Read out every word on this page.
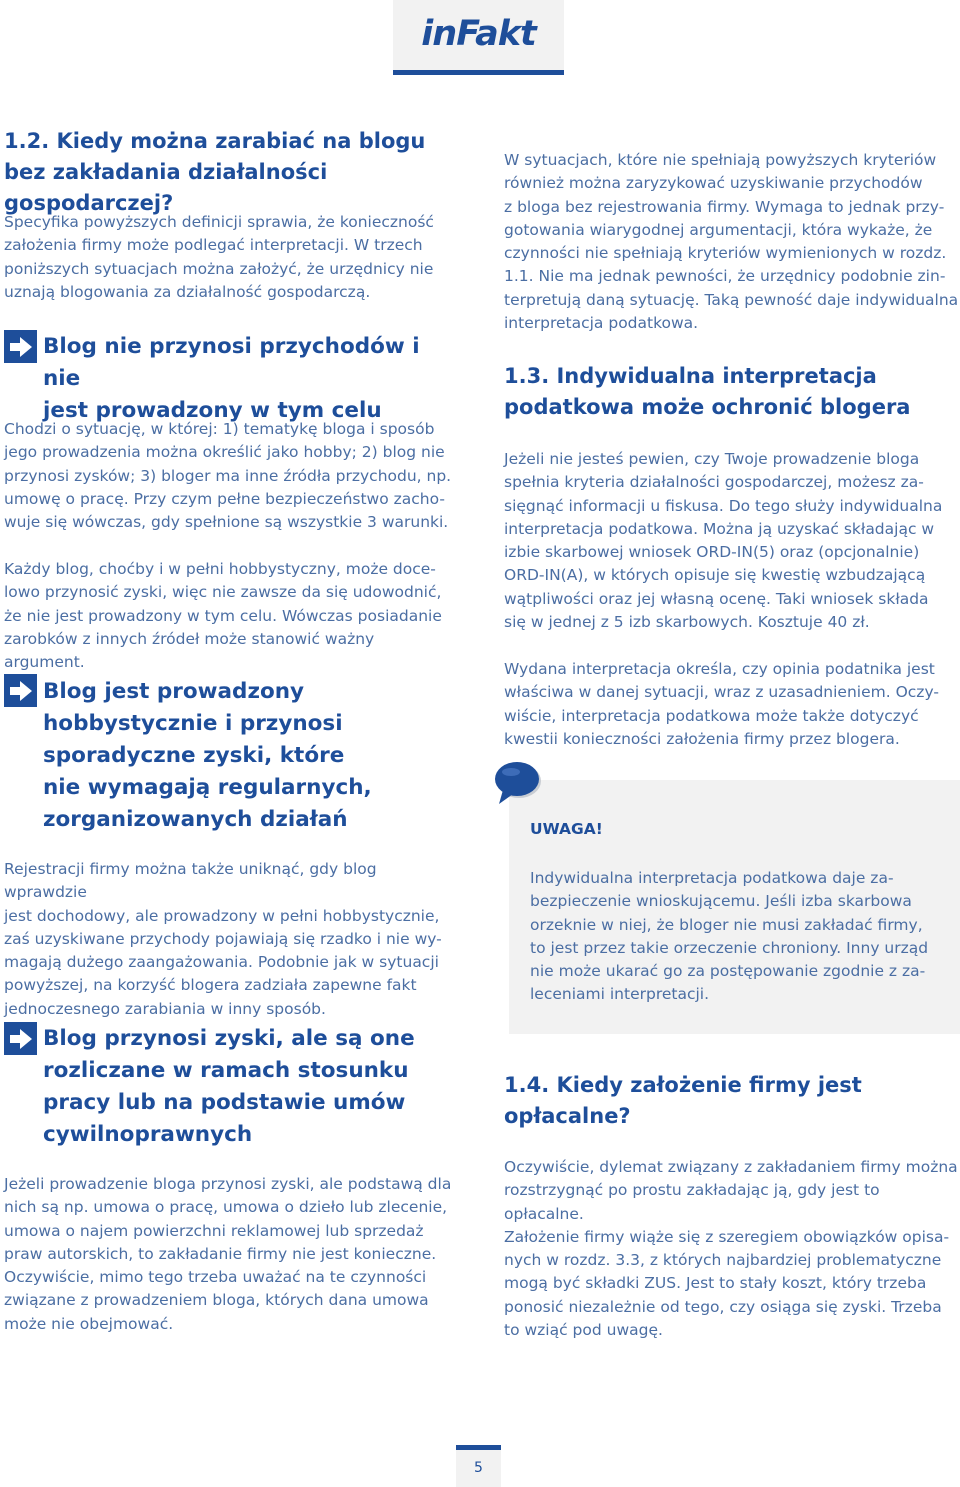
inFakt
1.2. Kiedy można zarabiać na blogu bez zakładania działalności gospodarczej?
Specyfika powyższych definicji sprawia, że konieczność
założenia firmy może podlegać interpretacji. W trzech
poniższych sytuacjach można założyć, że urzędnicy nie
uznają blogowania za działalność gospodarczą.
Blog nie przynosi przychodów i nie
jest prowadzony w tym celu
Chodzi o sytuację, w której: 1) tematykę bloga i sposób
jego prowadzenia można określić jako hobby; 2) blog nie
przynosi zysków; 3) bloger ma inne źródła przychodu, np.
umowę o pracę. Przy czym pełne bezpieczeństwo zacho-
wuje się wówczas, gdy spełnione są wszystkie 3 warunki.
Każdy blog, choćby i w pełni hobbystyczny, może doce-
lowo przynosić zyski, więc nie zawsze da się udowodnić,
że nie jest prowadzony w tym celu. Wówczas posiadanie
zarobków z innych źródeł może stanowić ważny argument.
Blog jest prowadzony
hobbystycznie i przynosi
sporadyczne zyski, które
nie wymagają regularnych,
zorganizowanych działań
Rejestracji firmy można także uniknąć, gdy blog wprawdzie
jest dochodowy, ale prowadzony w pełni hobbystycznie,
zaś uzyskiwane przychody pojawiają się rzadko i nie wy-
magają dużego zaangażowania. Podobnie jak w sytuacji
powyższej, na korzyść blogera zadziała zapewne fakt
jednoczesnego zarabiania w inny sposób.
Blog przynosi zyski, ale są one
rozliczane w ramach stosunku
pracy lub na podstawie umów
cywilnoprawnych
Jeżeli prowadzenie bloga przynosi zyski, ale podstawą dla
nich są np. umowa o pracę, umowa o dzieło lub zlecenie,
umowa o najem powierzchni reklamowej lub sprzedaż
praw autorskich, to zakładanie firmy nie jest konieczne.
Oczywiście, mimo tego trzeba uważać na te czynności
związane z prowadzeniem bloga, których dana umowa
może nie obejmować.
W sytuacjach, które nie spełniają powyższych kryteriów
również można zaryzykować uzyskiwanie przychodów
z bloga bez rejestrowania firmy. Wymaga to jednak przy-
gotowania wiarygodnej argumentacji, która wykaże, że
czynności nie spełniają kryteriów wymienionych w rozdz.
1.1. Nie ma jednak pewności, że urzędnicy podobnie zin-
terpretują daną sytuację. Taką pewność daje indywidualna
interpretacja podatkowa.
1.3. Indywidualna interpretacja
podatkowa może ochronić blogera
Jeżeli nie jesteś pewien, czy Twoje prowadzenie bloga
spełnia kryteria działalności gospodarczej, możesz za-
sięgnąć informacji u fiskusa. Do tego służy indywidualna
interpretacja podatkowa. Można ją uzyskać składając w
izbie skarbowej wniosek ORD-IN(5) oraz (opcjonalnie)
ORD-IN(A), w których opisuje się kwestię wzbudzającą
wątpliwości oraz jej własną ocenę. Taki wniosek składa
się w jednej z 5 izb skarbowych. Kosztuje 40 zł.
Wydana interpretacja określa, czy opinia podatnika jest
właściwa w danej sytuacji, wraz z uzasadnieniem. Oczy-
wiście, interpretacja podatkowa może także dotyczyć
kwestii konieczności założenia firmy przez blogera.
UWAGA!
Indywidualna interpretacja podatkowa daje za-
bezpieczenie wnioskującemu. Jeśli izba skarbowa
orzeknie w niej, że bloger nie musi zakładać firmy,
to jest przez takie orzeczenie chroniony. Inny urząd
nie może ukarać go za postępowanie zgodnie z za-
leceniami interpretacji.
1.4. Kiedy założenie firmy jest
opłacalne?
Oczywiście, dylemat związany z zakładaniem firmy można
rozstrzygnąć po prostu zakładając ją, gdy jest to opłacalne.
Założenie firmy wiąże się z szeregiem obowiązków opisa-
nych w rozdz. 3.3, z których najbardziej problematyczne
mogą być składki ZUS. Jest to stały koszt, który trzeba
ponosić niezależnie od tego, czy osiąga się zyski. Trzeba
to wziąć pod uwagę.
5
